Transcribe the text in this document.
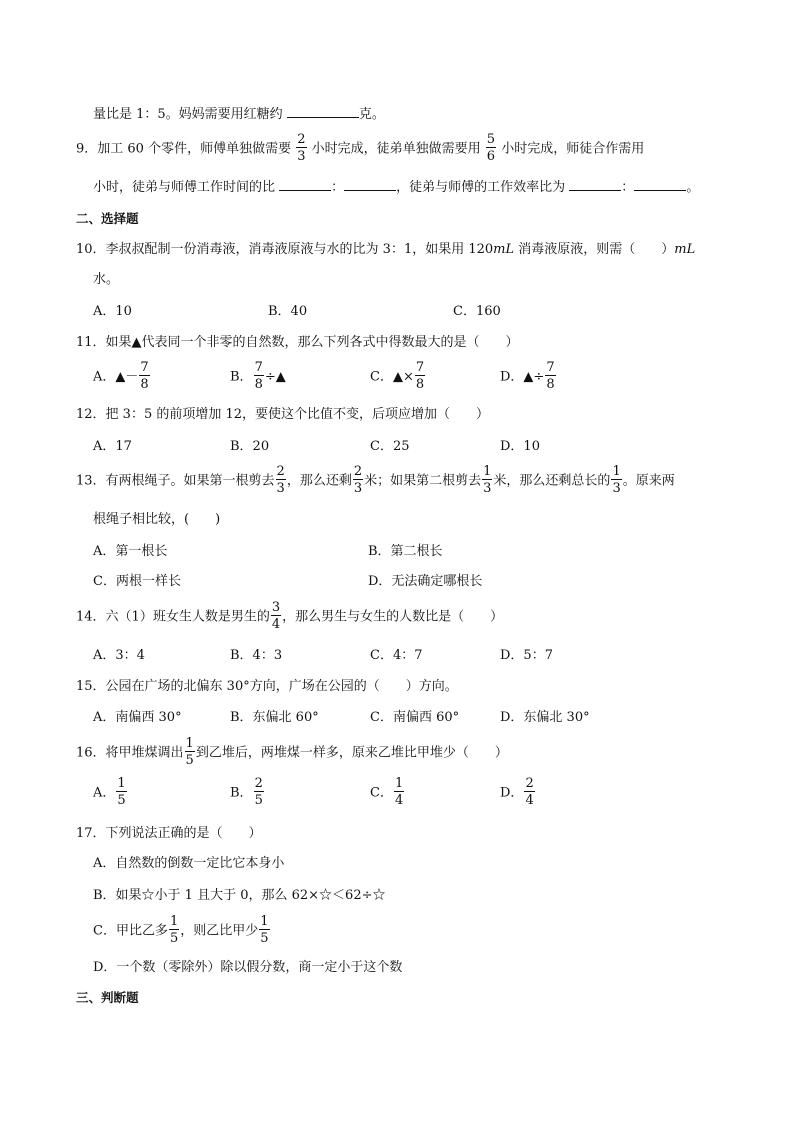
量比是 1：5。妈妈需要用红糖约	克。
9．加工 60 个零件，师傅单独做需要 $\frac{2}{3}$ 小时完成，徒弟单独做需要用 $\frac{5}{6}$ 小时完成，师徒合作需用
小时，徒弟与师傅工作时间的比	：	，徒弟与师傅的工作效率比为	：	。
二、选择题
10．李叔叔配制一份消毒液，消毒液原液与水的比为 3：1，如果用 120mL 消毒液原液，则需（　　）mL
水。
A．10	B．40	C．160
11．如果▲代表同一个非零的自然数，那么下列各式中得数最大的是（　　）
A．▲－ $\frac{7}{8}$	B． $\frac{7}{8}$ ÷▲	C．▲× $\frac{7}{8}$	D．▲÷ $\frac{7}{8}$
12．把 3：5 的前项增加 12，要使这个比值不变，后项应增加（　　）
A．17	B．20	C．25	D．10
13．有两根绳子。如果第一根剪去 $\frac{2}{3}$ ，那么还剩 $\frac{2}{3}$ 米；如果第二根剪去 $\frac{1}{3}$ 米，那么还剩总长的 $\frac{1}{3}$ 。原来两
根绳子相比较，(　　)
A．第一根长	B．第二根长
C．两根一样长	D．无法确定哪根长
14．六（1）班女生人数是男生的 $\frac{3}{4}$ ，那么男生与女生的人数比是（　　）
A．3：4	B．4：3	C．4：7	D．5：7
15．公园在广场的北偏东 30°方向，广场在公园的（　　）方向。
A．南偏西 30°	B．东偏北 60°	C．南偏西 60°	D．东偏北 30°
16．将甲堆煤调出 $\frac{1}{5}$ 到乙堆后，两堆煤一样多，原来乙堆比甲堆少（　　）
A． $\frac{1}{5}$	B． $\frac{2}{5}$	C． $\frac{1}{4}$	D． $\frac{2}{4}$
17．下列说法正确的是（　　）
A．自然数的倒数一定比它本身小
B．如果☆小于 1 且大于 0，那么 62×☆＜62÷☆
C．甲比乙多 $\frac{1}{5}$ ，则乙比甲少 $\frac{1}{5}$
D．一个数（零除外）除以假分数，商一定小于这个数
三、判断题
